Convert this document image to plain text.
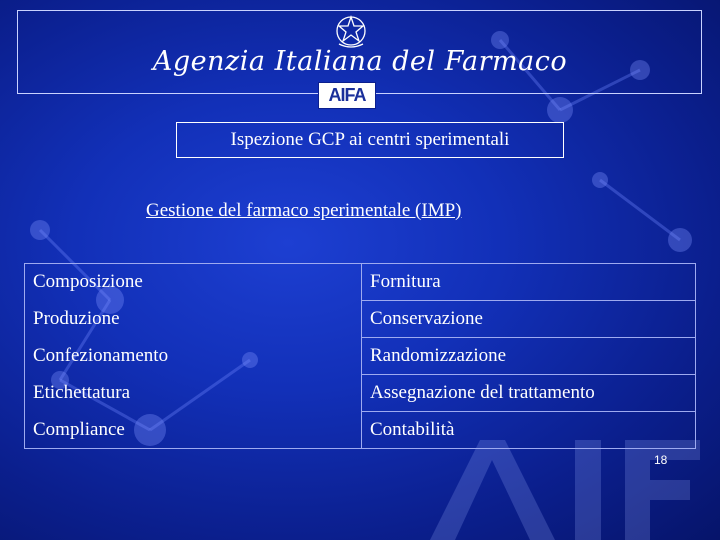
Agenzia Italiana del Farmaco
AIFA
Ispezione GCP ai centri sperimentali
Gestione del farmaco sperimentale (IMP)
Composizione	Fornitura
Produzione	Conservazione
Confezionamento	Randomizzazione
Etichettatura	Assegnazione del trattamento
Compliance	Contabilità
18
